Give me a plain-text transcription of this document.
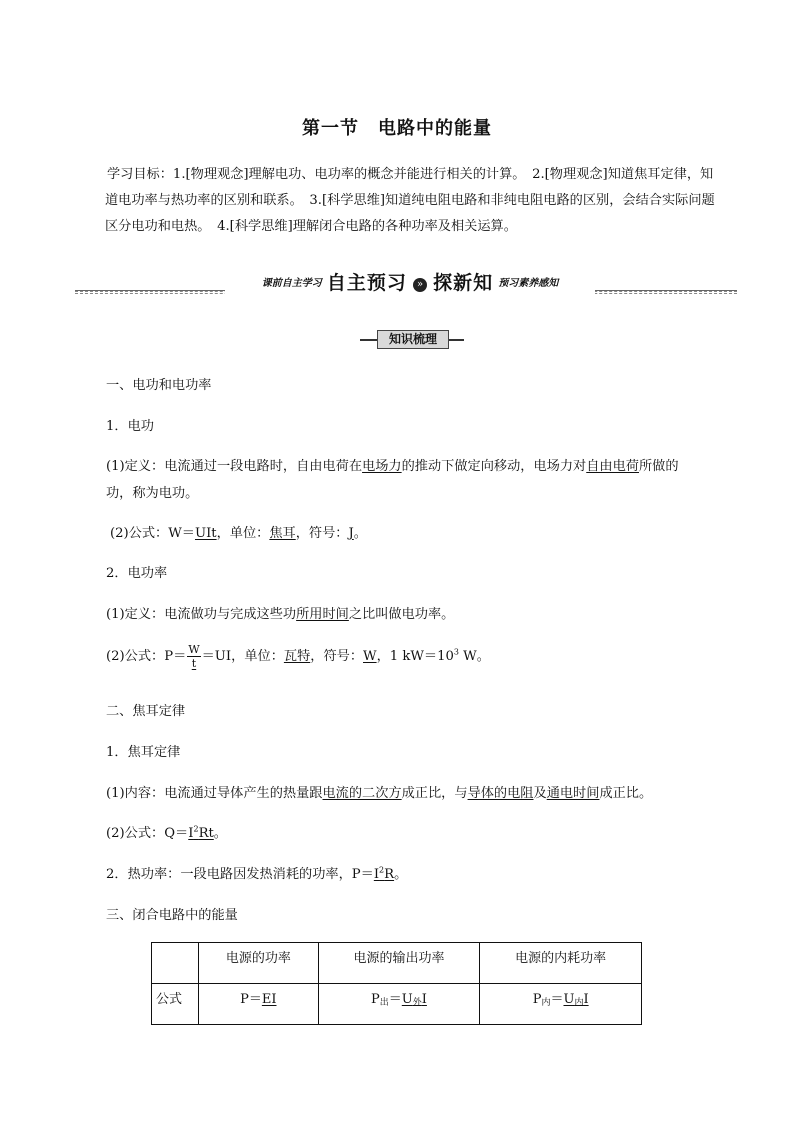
第一节　电路中的能量
学习目标：1.[物理观念]理解电功、电功率的概念并能进行相关的计算。　2.[物理观念]知道焦耳定律，知道电功率与热功率的区别和联系。　3.[科学思维]知道纯电阻电路和非纯电阻电路的区别，会结合实际问题区分电功和电热。　4.[科学思维]理解闭合电路的各种功率及相关运算。
课前自主学习 自主预习 » 探新知 预习素养感知
知识梳理
一、电功和电功率
1．电功
(1)定义：电流通过一段电路时，自由电荷在电场力的推动下做定向移动，电场力对自由电荷所做的
功，称为电功。
(2)公式：W＝UIt，单位：焦耳，符号：J。
2．电功率
(1)定义：电流做功与完成这些功所用时间之比叫做电功率。
(2)公式：$P= \frac{W}{t} =UI$，单位：瓦特，符号：W，1 $kW=10^3$ W。
二、焦耳定律
1．焦耳定律
(1)内容：电流通过导体产生的热量跟电流的二次方成正比，与导体的电阻及通电时间成正比。
(2)公式：$Q=I^2Rt$。
2．热功率：一段电路因发热消耗的功率，$P=I^2R$。
三、闭合电路中的能量
	电源的功率	电源的输出功率	电源的内耗功率
公式	P＝EI	$P_出=U_外I$	$P_内=U_内I$
